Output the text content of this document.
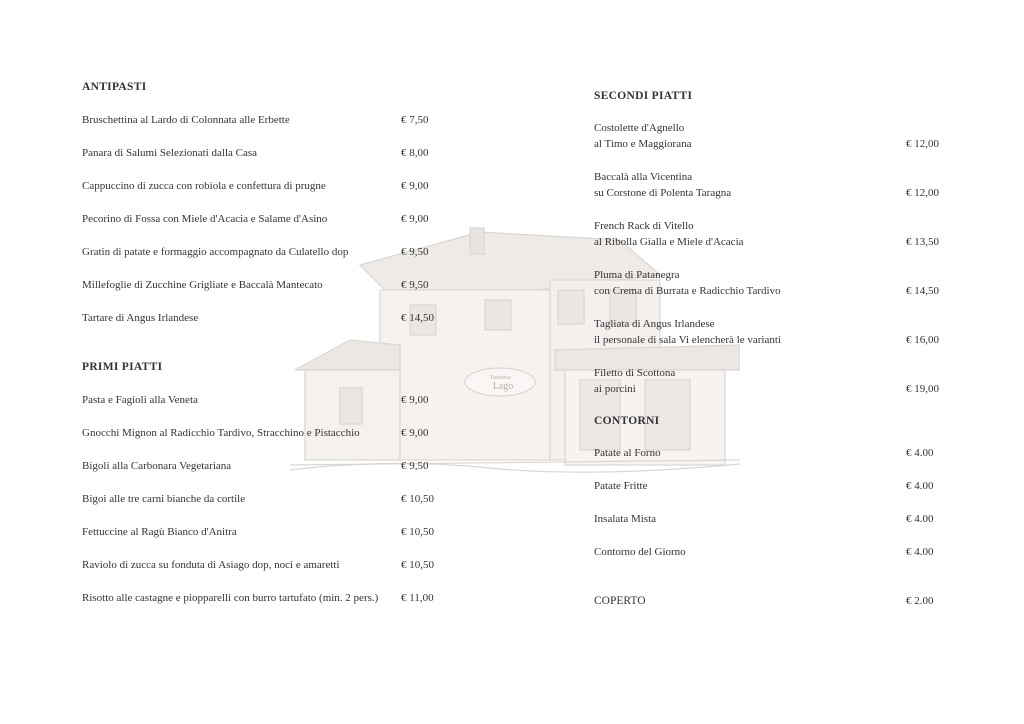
Trattoria
Lago
ANTIPASTI
Bruschettina al Lardo di Colonnata alle Erbette	€ 7,50
Panara di Salumi Selezionati dalla Casa	€ 8,00
Cappuccino di zucca con robiola e confettura di prugne	€ 9,00
Pecorino di Fossa con Miele d'Acacia e Salame d'Asino	€ 9,00
Gratin di patate e formaggio accompagnato da Culatello dop	€ 9,50
Millefoglie di Zucchine Grigliate e Baccalà Mantecato	€ 9,50
Tartare di Angus Irlandese	€ 14,50
PRIMI PIATTI
Pasta e Fagioli alla Veneta	€ 9,00
Gnocchi Mignon al Radicchio Tardivo, Stracchino e Pistacchio	€ 9,00
Bigoli alla Carbonara Vegetariana	€ 9,50
Bigoi alle tre carni bianche da cortile	€ 10,50
Fettuccine al Ragù Bianco d'Anitra	€ 10,50
Raviolo di zucca su fonduta di Asiago dop, noci e amaretti	€ 10,50
Risotto alle castagne e piopparelli con burro tartufato (min. 2 pers.)	€ 11,00
SECONDI PIATTI
Costolette d'Agnello
al Timo e Maggiorana	€ 12,00
Baccalà alla Vicentina
su Corstone di Polenta Taragna	€ 12,00
French Rack di Vitello
al Ribolla Gialla e Miele d'Acacia	€ 13,50
Pluma di Patanegra
con Crema di Burrata e Radicchio Tardivo	€ 14,50
Tagliata di Angus Irlandese
il personale di sala Vi elencherà le varianti	€ 16,00
Filetto di Scottona
ai porcini	€ 19,00
CONTORNI
Patate al Forno	€ 4.00
Patate Fritte	€ 4.00
Insalata Mista	€ 4.00
Contorno del Giorno	€ 4.00
COPERTO	€ 2.00
